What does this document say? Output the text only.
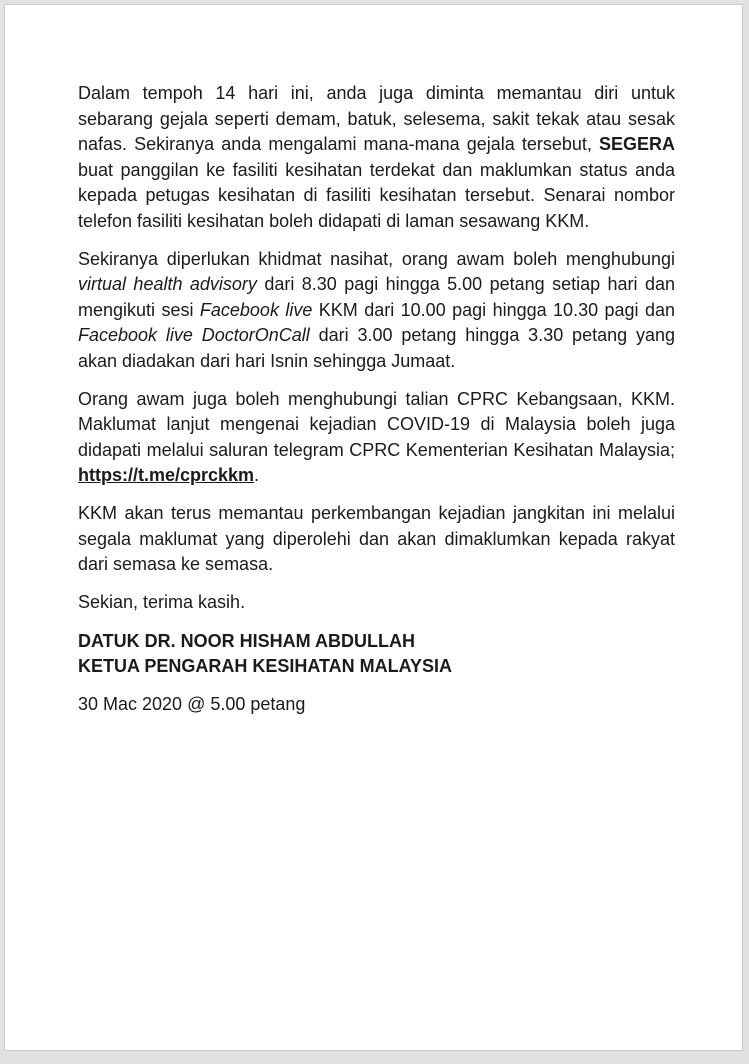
Dalam tempoh 14 hari ini, anda juga diminta memantau diri untuk sebarang gejala seperti demam, batuk, selesema, sakit tekak atau sesak nafas. Sekiranya anda mengalami mana-mana gejala tersebut, SEGERA buat panggilan ke fasiliti kesihatan terdekat dan maklumkan status anda kepada petugas kesihatan di fasiliti kesihatan tersebut. Senarai nombor telefon fasiliti kesihatan boleh didapati di laman sesawang KKM.

Sekiranya diperlukan khidmat nasihat, orang awam boleh menghubungi virtual health advisory dari 8.30 pagi hingga 5.00 petang setiap hari dan mengikuti sesi Facebook live KKM dari 10.00 pagi hingga 10.30 pagi dan Facebook live DoctorOnCall dari 3.00 petang hingga 3.30 petang yang akan diadakan dari hari Isnin sehingga Jumaat.

Orang awam juga boleh menghubungi talian CPRC Kebangsaan, KKM. Maklumat lanjut mengenai kejadian COVID-19 di Malaysia boleh juga didapati melalui saluran telegram CPRC Kementerian Kesihatan Malaysia; https://t.me/cprckkm.

KKM akan terus memantau perkembangan kejadian jangkitan ini melalui segala maklumat yang diperolehi dan akan dimaklumkan kepada rakyat dari semasa ke semasa.

Sekian, terima kasih.

DATUK DR. NOOR HISHAM ABDULLAH
KETUA PENGARAH KESIHATAN MALAYSIA

30 Mac 2020 @ 5.00 petang
